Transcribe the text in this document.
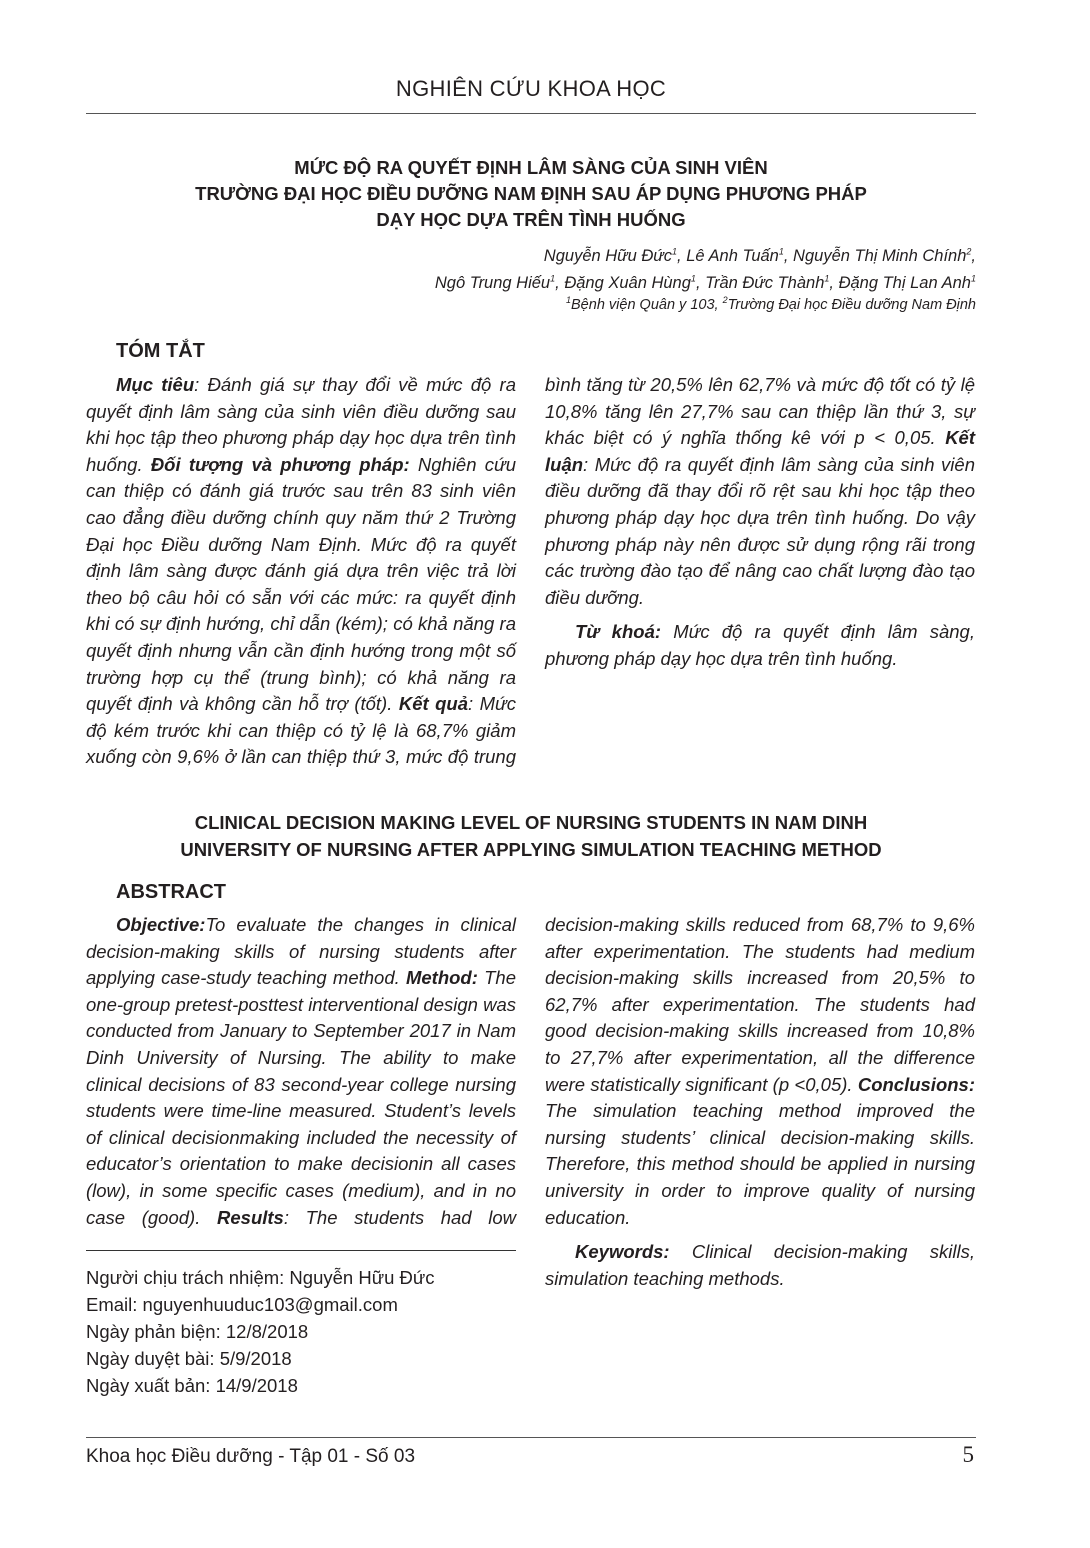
NGHIÊN CỨU KHOA HỌC
MỨC ĐỘ RA QUYẾT ĐỊNH LÂM SÀNG CỦA SINH VIÊN
TRƯỜNG ĐẠI HỌC ĐIỀU DƯỠNG NAM ĐỊNH SAU ÁP DỤNG PHƯƠNG PHÁP
DẠY HỌC DỰA TRÊN TÌNH HUỐNG
Nguyễn Hữu Đức$^1$, Lê Anh Tuấn$^1$, Nguyễn Thị Minh Chính$^2$,
Ngô Trung Hiếu$^1$, Đặng Xuân Hùng$^1$, Trần Đức Thành$^1$, Đặng Thị Lan Anh$^1$
$^1$Bệnh viện Quân y 103, $^2$Trường Đại học Điều dưỡng Nam Định
TÓM TẮT

Mục tiêu: Đánh giá sự thay đổi về mức độ ra quyết định lâm sàng của sinh viên điều dưỡng sau khi học tập theo phương pháp dạy học dựa trên tình huống. Đối tượng và phương pháp: Nghiên cứu can thiệp có đánh giá trước sau trên 83 sinh viên cao đẳng điều dưỡng chính quy năm thứ 2 Trường Đại học Điều dưỡng Nam Định. Mức độ ra quyết định lâm sàng được đánh giá dựa trên việc trả lời theo bộ câu hỏi có sẵn với các mức: ra quyết định khi có sự định hướng, chỉ dẫn (kém); có khả năng ra quyết định nhưng vẫn cần định hướng trong một số trường hợp cụ thể (trung bình); có khả năng ra quyết định và không cần hỗ trợ (tốt). Kết quả: Mức độ kém trước khi can thiệp có tỷ lệ là 68,7% giảm xuống còn 9,6% ở lần can thiệp thứ 3, mức độ trung

CLINICAL DECISION MAKING LEVEL OF NURSING STUDENTS IN NAM DINH
UNIVERSITY OF NURSING AFTER APPLYING SIMULATION TEACHING METHOD
ABSTRACT

Objective:To evaluate the changes in clinical decision-making skills of nursing students after applying case-study teaching method. Method: The one-group pretest-posttest interventional design was conducted from January to September 2017 in Nam Dinh University of Nursing. The ability to make clinical decisions of 83 second-year college nursing students were time-line measured. Student’s levels of clinical decisionmaking included the necessity of educator’s orientation to make decisionin all cases (low), in some specific cases (medium), and in no case (good). Results: The students had low

Người chịu trách nhiệm: Nguyễn Hữu Đức
Email: nguyenhuuduc103@gmail.com
Ngày phản biện: 12/8/2018
Ngày duyệt bài: 5/9/2018
Ngày xuất bản: 14/9/2018
Khoa học Điều dưỡng - Tập 01 - Số 03	5

bình tăng từ 20,5% lên 62,7% và mức độ tốt có tỷ lệ 10,8% tăng lên 27,7% sau can thiệp lần thứ 3, sự khác biệt có ý nghĩa thống kê với p < 0,05. Kết luận: Mức độ ra quyết định lâm sàng của sinh viên điều dưỡng đã thay đổi rõ rệt sau khi học tập theo phương pháp dạy học dựa trên tình huống. Do vậy phương pháp này nên được sử dụng rộng rãi trong các trường đào tạo để nâng cao chất lượng đào tạo điều dưỡng.

Từ khoá: Mức độ ra quyết định lâm sàng, phương pháp dạy học dựa trên tình huống.

decision-making skills reduced from 68,7% to 9,6% after experimentation. The students had medium decision-making skills increased from 20,5% to 62,7% after experimentation. The students had good decision-making skills increased from 10,8% to 27,7% after experimentation, all the difference were statistically significant (p <0,05). Conclusions: The simulation teaching method improved the nursing students’ clinical decision-making skills. Therefore, this method should be applied in nursing university in order to improve quality of nursing education.

Keywords: Clinical decision-making skills, simulation teaching methods.
